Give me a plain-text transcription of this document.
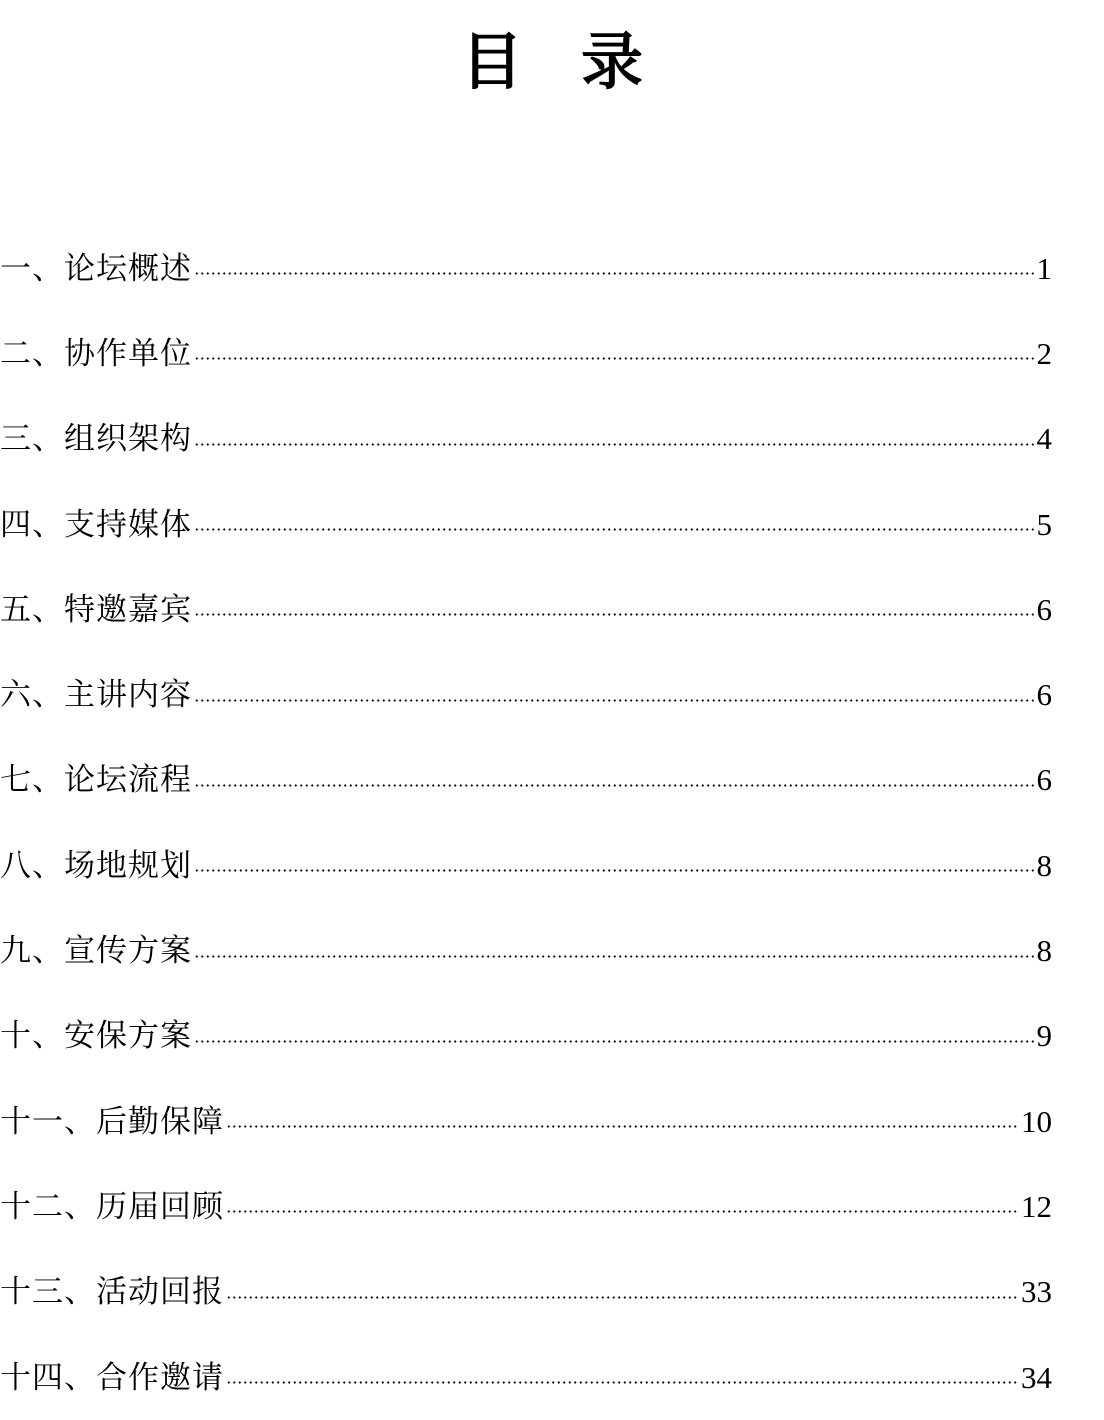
目 录
一、论坛概述	1
二、协作单位	2
三、组织架构	4
四、支持媒体	5
五、特邀嘉宾	6
六、主讲内容	6
七、论坛流程	6
八、场地规划	8
九、宣传方案	8
十、安保方案	9
十一、后勤保障	10
十二、历届回顾	12
十三、活动回报	33
十四、合作邀请	34
